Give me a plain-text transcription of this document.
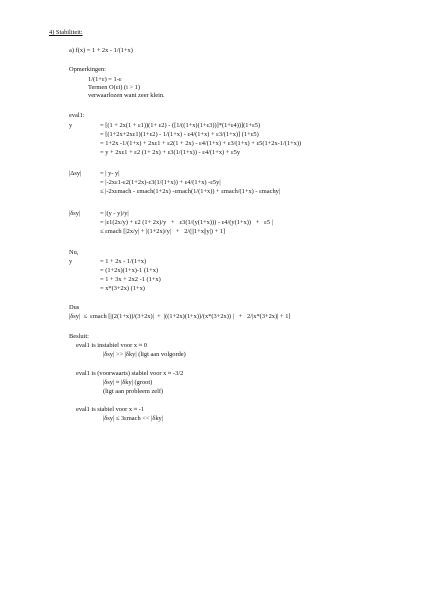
4) Stabiliteit:
a) f(x) = 1 + 2x - 1/(1+x)
Opmerkingen:
1/(1+ε) = 1-ε
Termen O(εi) (i > 1)
verwaarlozen want zeer klein.
eval1:
y	= [(1 + 2x(1 + ε1))(1+ ε2) - ([1/((1+x)(1+ε3))]*(1+ε4))](1+ε5)
= [(1+2x+2xε1)(1+ε2) - 1/(1+x) - ε4/(1+x) + ε3/(1+x)] (1+ε5)
= 1+2x -1/(1+x) + 2xε1 + ε2(1 + 2x) - ε4/(1+x) + ε3/(1+x) + ε5(1+2x-1/(1+x))
= y + 2xε1 + ε2 (1+ 2x) + ε3(1/(1+x)) - ε4/(1+x) + ε5y
|Δsy|	= | y- y|
= |-2xε1-ε2(1+2x)-ε3(1/(1+x)) + ε4/(1+x) -ε5y|
≤ |-2xεmach - εmach(1+2x) -εmach(1/(1+x)) + εmach/(1+x) - εmachy|
|δsy|	= |(y - y)/y|
= |ε1(2x/y) + ε2 (1+ 2x)/y   +   ε3(1/(y(1+x))) - ε4/(y(1+x))   +   ε5 |
≤ εmach [|2x/y| + |(1+2x)/y|   +   2/(||1+x||y|) + 1]
Nu,
y	= 1 + 2x - 1/(1+x)
= (1+2x)(1+x)-1 (1+x)
= 1 + 3x + 2x2 -1 (1+x)
= x*(3+2x) (1+x)
Dus
|δsy|  ≤  εmach [|(2(1+x))/(3+2x)|  +  |((1+2x)(1+x))/(x*(3+2x)) |   +   2/|x*(3+2x)| + 1]
Besluit:
eval1 is instabiel voor x ≈ 0
|δsy| >> |δky| (ligt aan volgorde)
eval1 is (voorwaarts) stabiel voor x ≈ -3/2
|δsy| ≈ |δky| (groot)
(ligt aan probleem zelf)
eval1 is stabiel voor x ≈ -1
|δsy| ≤ 3εmach << |δky|
